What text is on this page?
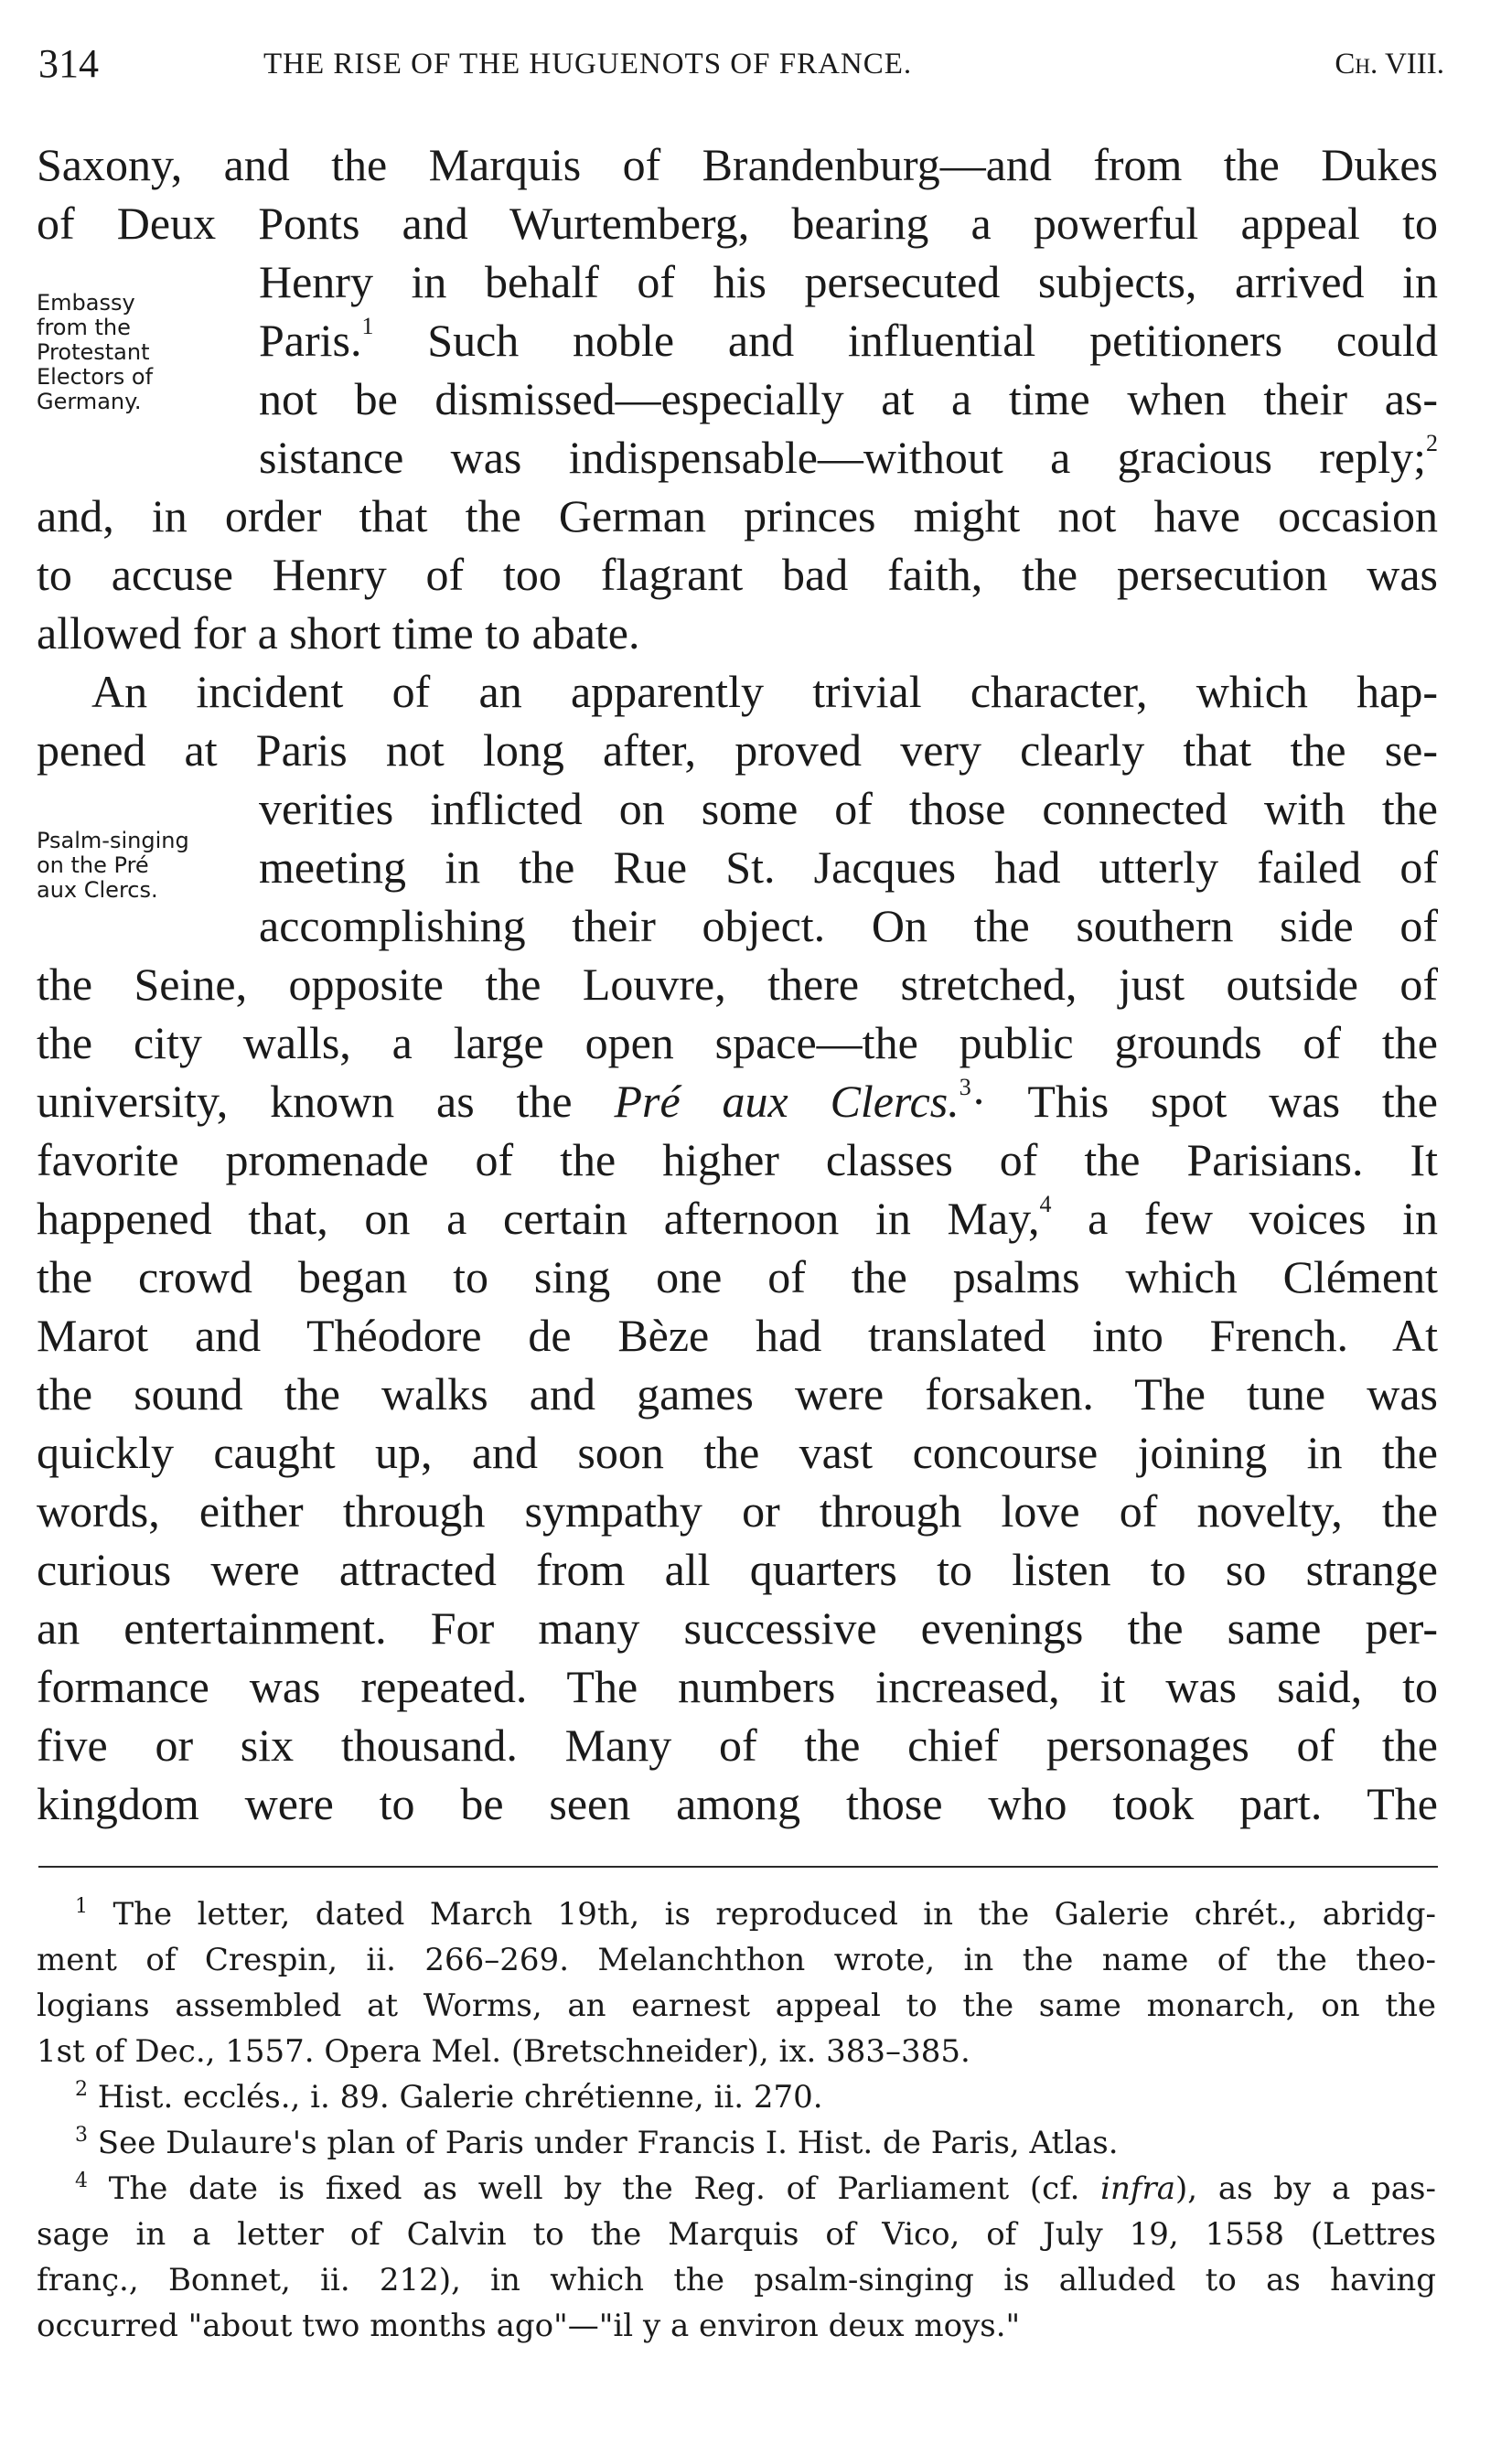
314	THE RISE OF THE HUGUENOTS OF FRANCE.	Ch. VIII.
Embassy
from the
Protestant
Electors of
Germany.
Psalm-singing
on the Pré
aux Clercs.
Saxony, and the Marquis of Brandenburg—and from the Dukes
of Deux Ponts and Wurtemberg, bearing a powerful appeal to
Henry in behalf of his persecuted subjects, arrived in
Paris.$^1$ Such noble and influential petitioners could
not be dismissed—especially at a time when their as-
sistance was indispensable—without a gracious reply;$^2$
and, in order that the German princes might not have occasion
to accuse Henry of too flagrant bad faith, the persecution was
allowed for a short time to abate.
An incident of an apparently trivial character, which hap-
pened at Paris not long after, proved very clearly that the se-
verities inflicted on some of those connected with the
meeting in the Rue St. Jacques had utterly failed of
accomplishing their object. On the southern side of
the Seine, opposite the Louvre, there stretched, just outside of
the city walls, a large open space—the public grounds of the
university, known as the Pré aux Clercs.$^3$· This spot was the
favorite promenade of the higher classes of the Parisians. It
happened that, on a certain afternoon in May,$^4$ a few voices in
the crowd began to sing one of the psalms which Clément
Marot and Théodore de Bèze had translated into French. At
the sound the walks and games were forsaken. The tune was
quickly caught up, and soon the vast concourse joining in the
words, either through sympathy or through love of novelty, the
curious were attracted from all quarters to listen to so strange
an entertainment. For many successive evenings the same per-
formance was repeated. The numbers increased, it was said, to
five or six thousand. Many of the chief personages of the
kingdom were to be seen among those who took part. The
$^1$ The letter, dated March 19th, is reproduced in the Galerie chrét., abridg-
ment of Crespin, ii. 266–269. Melanchthon wrote, in the name of the theo-
logians assembled at Worms, an earnest appeal to the same monarch, on the
1st of Dec., 1557. Opera Mel. (Bretschneider), ix. 383–385.
$^2$ Hist. ecclés., i. 89. Galerie chrétienne, ii. 270.
$^3$ See Dulaure's plan of Paris under Francis I. Hist. de Paris, Atlas.
$^4$ The date is fixed as well by the Reg. of Parliament (cf. infra), as by a pas-
sage in a letter of Calvin to the Marquis of Vico, of July 19, 1558 (Lettres
franç., Bonnet, ii. 212), in which the psalm-singing is alluded to as having
occurred "about two months ago"—"il y a environ deux moys."
